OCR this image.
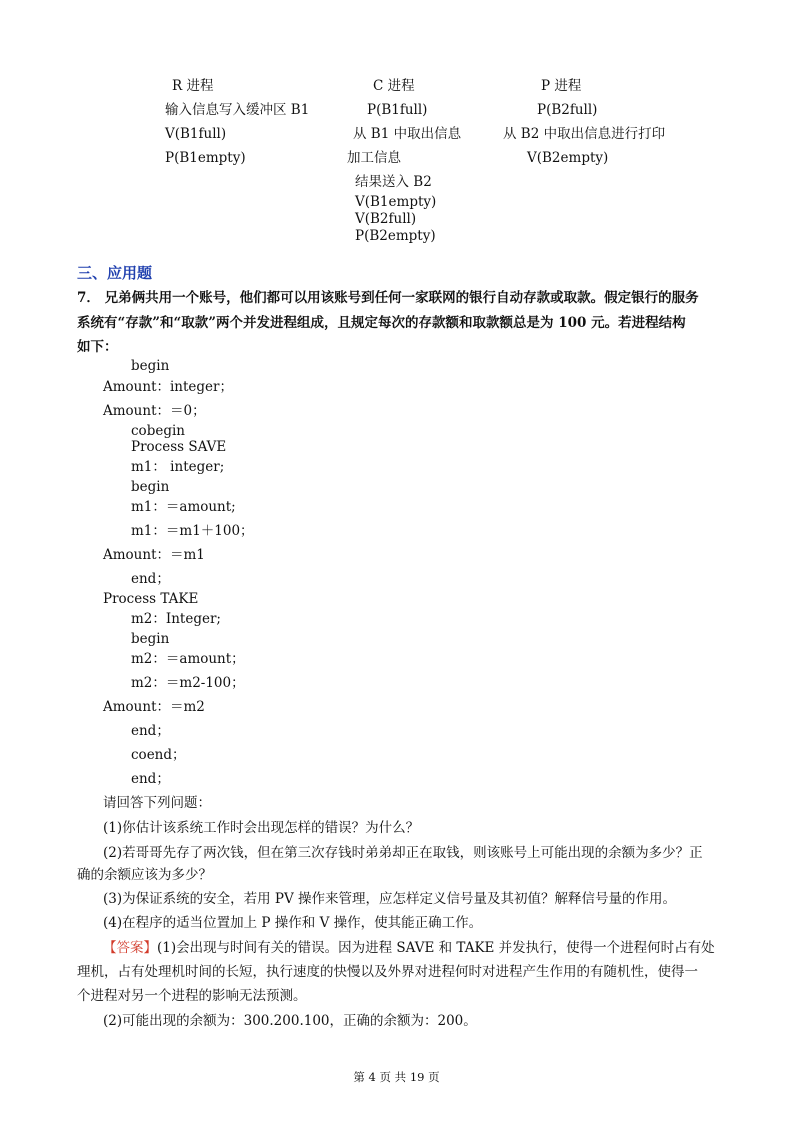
R 进程
输入信息写入缓冲区 B1
V(B1full)
P(B1empty)
C 进程
P(B1full)
从 B1 中取出信息
加工信息
结果送入 B2
V(B1empty)
V(B2full)
P(B2empty)
P 进程
P(B2full)
从 B2 中取出信息进行打印
V(B2empty)
三、应用题
7． 兄弟俩共用一个账号，他们都可以用该账号到任何一家联网的银行自动存款或取款。假定银行的服务
系统有“存款”和“取款”两个并发进程组成，且规定每次的存款额和取款额总是为 100 元。若进程结构
如下：
begin
Amount：integer；
Amount：＝0；
cobegin
Process SAVE
m1： integer;
begin
m1：＝amount;
m1：＝m1＋100；
Amount：＝m1
end；
Process TAKE
m2：Integer;
begin
m2：＝amount；
m2：＝m2-100；
Amount：＝m2
end；
coend；
end；
请回答下列问题：
(1)你估计该系统工作时会出现怎样的错误？为什么？
(2)若哥哥先存了两次钱，但在第三次存钱时弟弟却正在取钱，则该账号上可能出现的余额为多少？正
确的余额应该为多少？
(3)为保证系统的安全，若用 PV 操作来管理，应怎样定义信号量及其初值？解释信号量的作用。
(4)在程序的适当位置加上 P 操作和 V 操作，使其能正确工作。
【答案】(1)会出现与时间有关的错误。因为进程 SAVE 和 TAKE 并发执行，使得一个进程何时占有处
理机，占有处理机时间的长短，执行速度的快慢以及外界对进程何时对进程产生作用的有随机性，使得一
个进程对另一个进程的影响无法预测。
(2)可能出现的余额为：300.200.100，正确的余额为：200。
第 4 页 共 19 页
